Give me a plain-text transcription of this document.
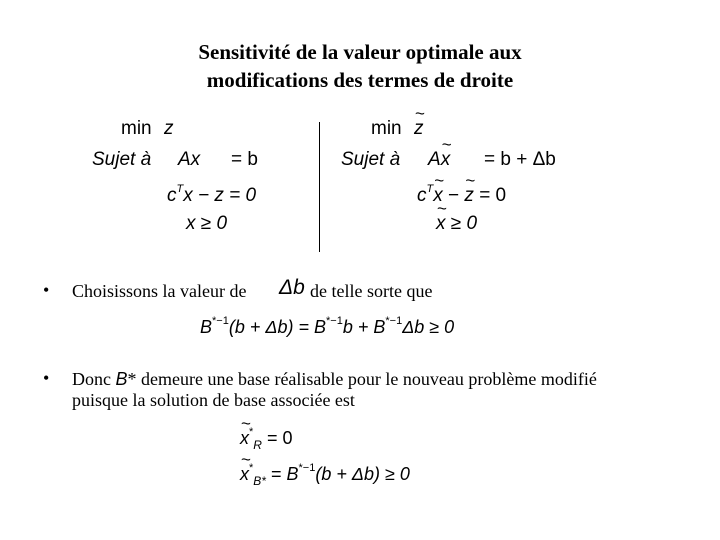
Sensitivité de la valeur optimale aux
modifications des termes de droite
min z
Sujet à Ax = b
$c^Tx - z = 0$
x ≥ 0
min ~ z
Sujet à A~ x = b + Δb
$c^T\sim$ x − ~ z = 0
~ x ≥ 0
• Choisissons la valeur de Δb de telle sorte que
$B^{*-1}(b + \Delta b) = B^{*-1}b + B^{*-1}\Delta b \ge 0$
• Donc B* demeure une base réalisable pour le nouveau problème modifié
puisque la solution de base associée est
~ $x^*_R = 0$
~ $x^*_{B*} = B^{*-1}(b + \Delta b) \ge 0$
